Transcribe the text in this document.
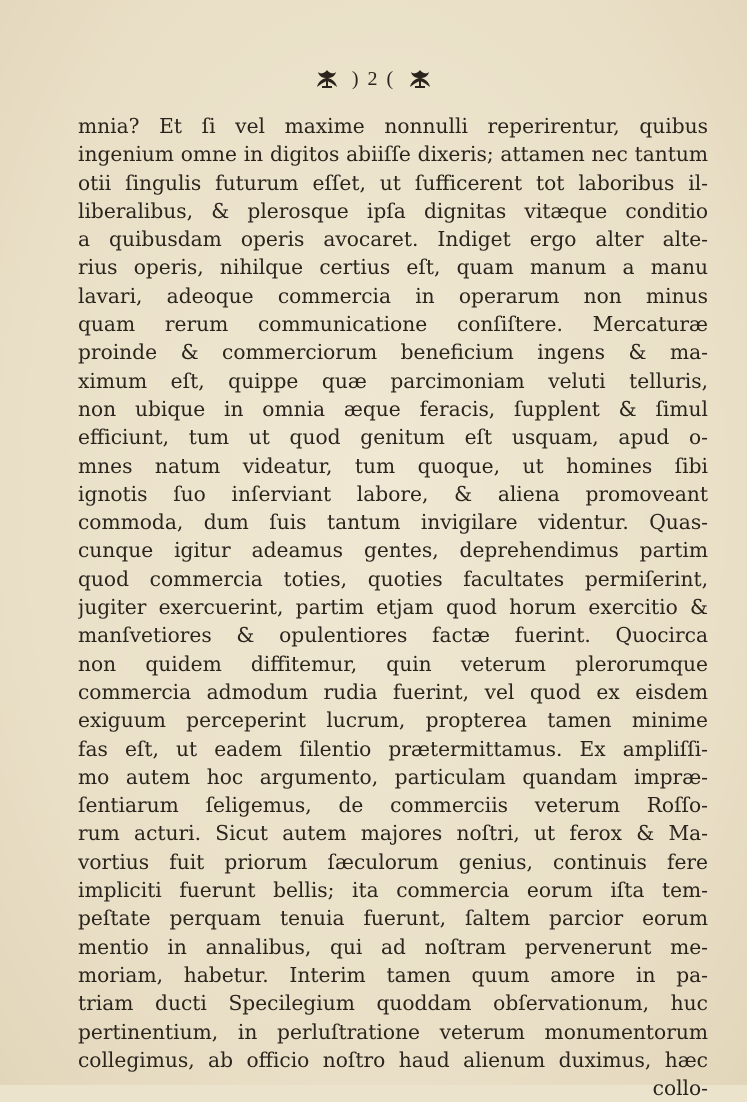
) 2 (
mnia? Et ſi vel maxime nonnulli reperirentur, quibus
ingenium omne in digitos abiiſſe dixeris; attamen nec tantum
otii ſingulis futurum eſſet, ut ſufficerent tot laboribus il-
liberalibus, & plerosque ipſa dignitas vitæque conditio
a quibusdam operis avocaret. Indiget ergo alter alte-
rius operis, nihilque certius eſt, quam manum a manu
lavari, adeoque commercia in operarum non minus
quam rerum communicatione conſiſtere. Mercaturæ
proinde & commerciorum beneficium ingens & ma-
ximum eſt, quippe quæ parcimoniam veluti telluris,
non ubique in omnia æque feracis, ſupplent & ſimul
efficiunt, tum ut quod genitum eſt usquam, apud o-
mnes natum videatur, tum quoque, ut homines ſibi
ignotis ſuo inſerviant labore, & aliena promoveant
commoda, dum ſuis tantum invigilare videntur. Quas-
cunque igitur adeamus gentes, deprehendimus partim
quod commercia toties, quoties facultates permiſerint,
jugiter exercuerint, partim etjam quod horum exercitio &
manſvetiores & opulentiores factæ fuerint. Quocirca
non quidem diffitemur, quin veterum plerorumque
commercia admodum rudia fuerint, vel quod ex eisdem
exiguum perceperint lucrum, propterea tamen minime
fas eſt, ut eadem ſilentio prætermittamus. Ex ampliſſi-
mo autem hoc argumento, particulam quandam impræ-
ſentiarum ſeligemus, de commerciis veterum Roſſo-
rum acturi. Sicut autem majores noſtri, ut ferox & Ma-
vortius fuit priorum ſæculorum genius, continuis fere
impliciti fuerunt bellis; ita commercia eorum iſta tem-
peſtate perquam tenuia fuerunt, ſaltem parcior eorum
mentio in annalibus, qui ad noſtram pervenerunt me-
moriam, habetur. Interim tamen quum amore in pa-
triam ducti Specilegium quoddam obſervationum, huc
pertinentium, in perluſtratione veterum monumentorum
collegimus, ab officio noſtro haud alienum duximus, hæc
collo-
